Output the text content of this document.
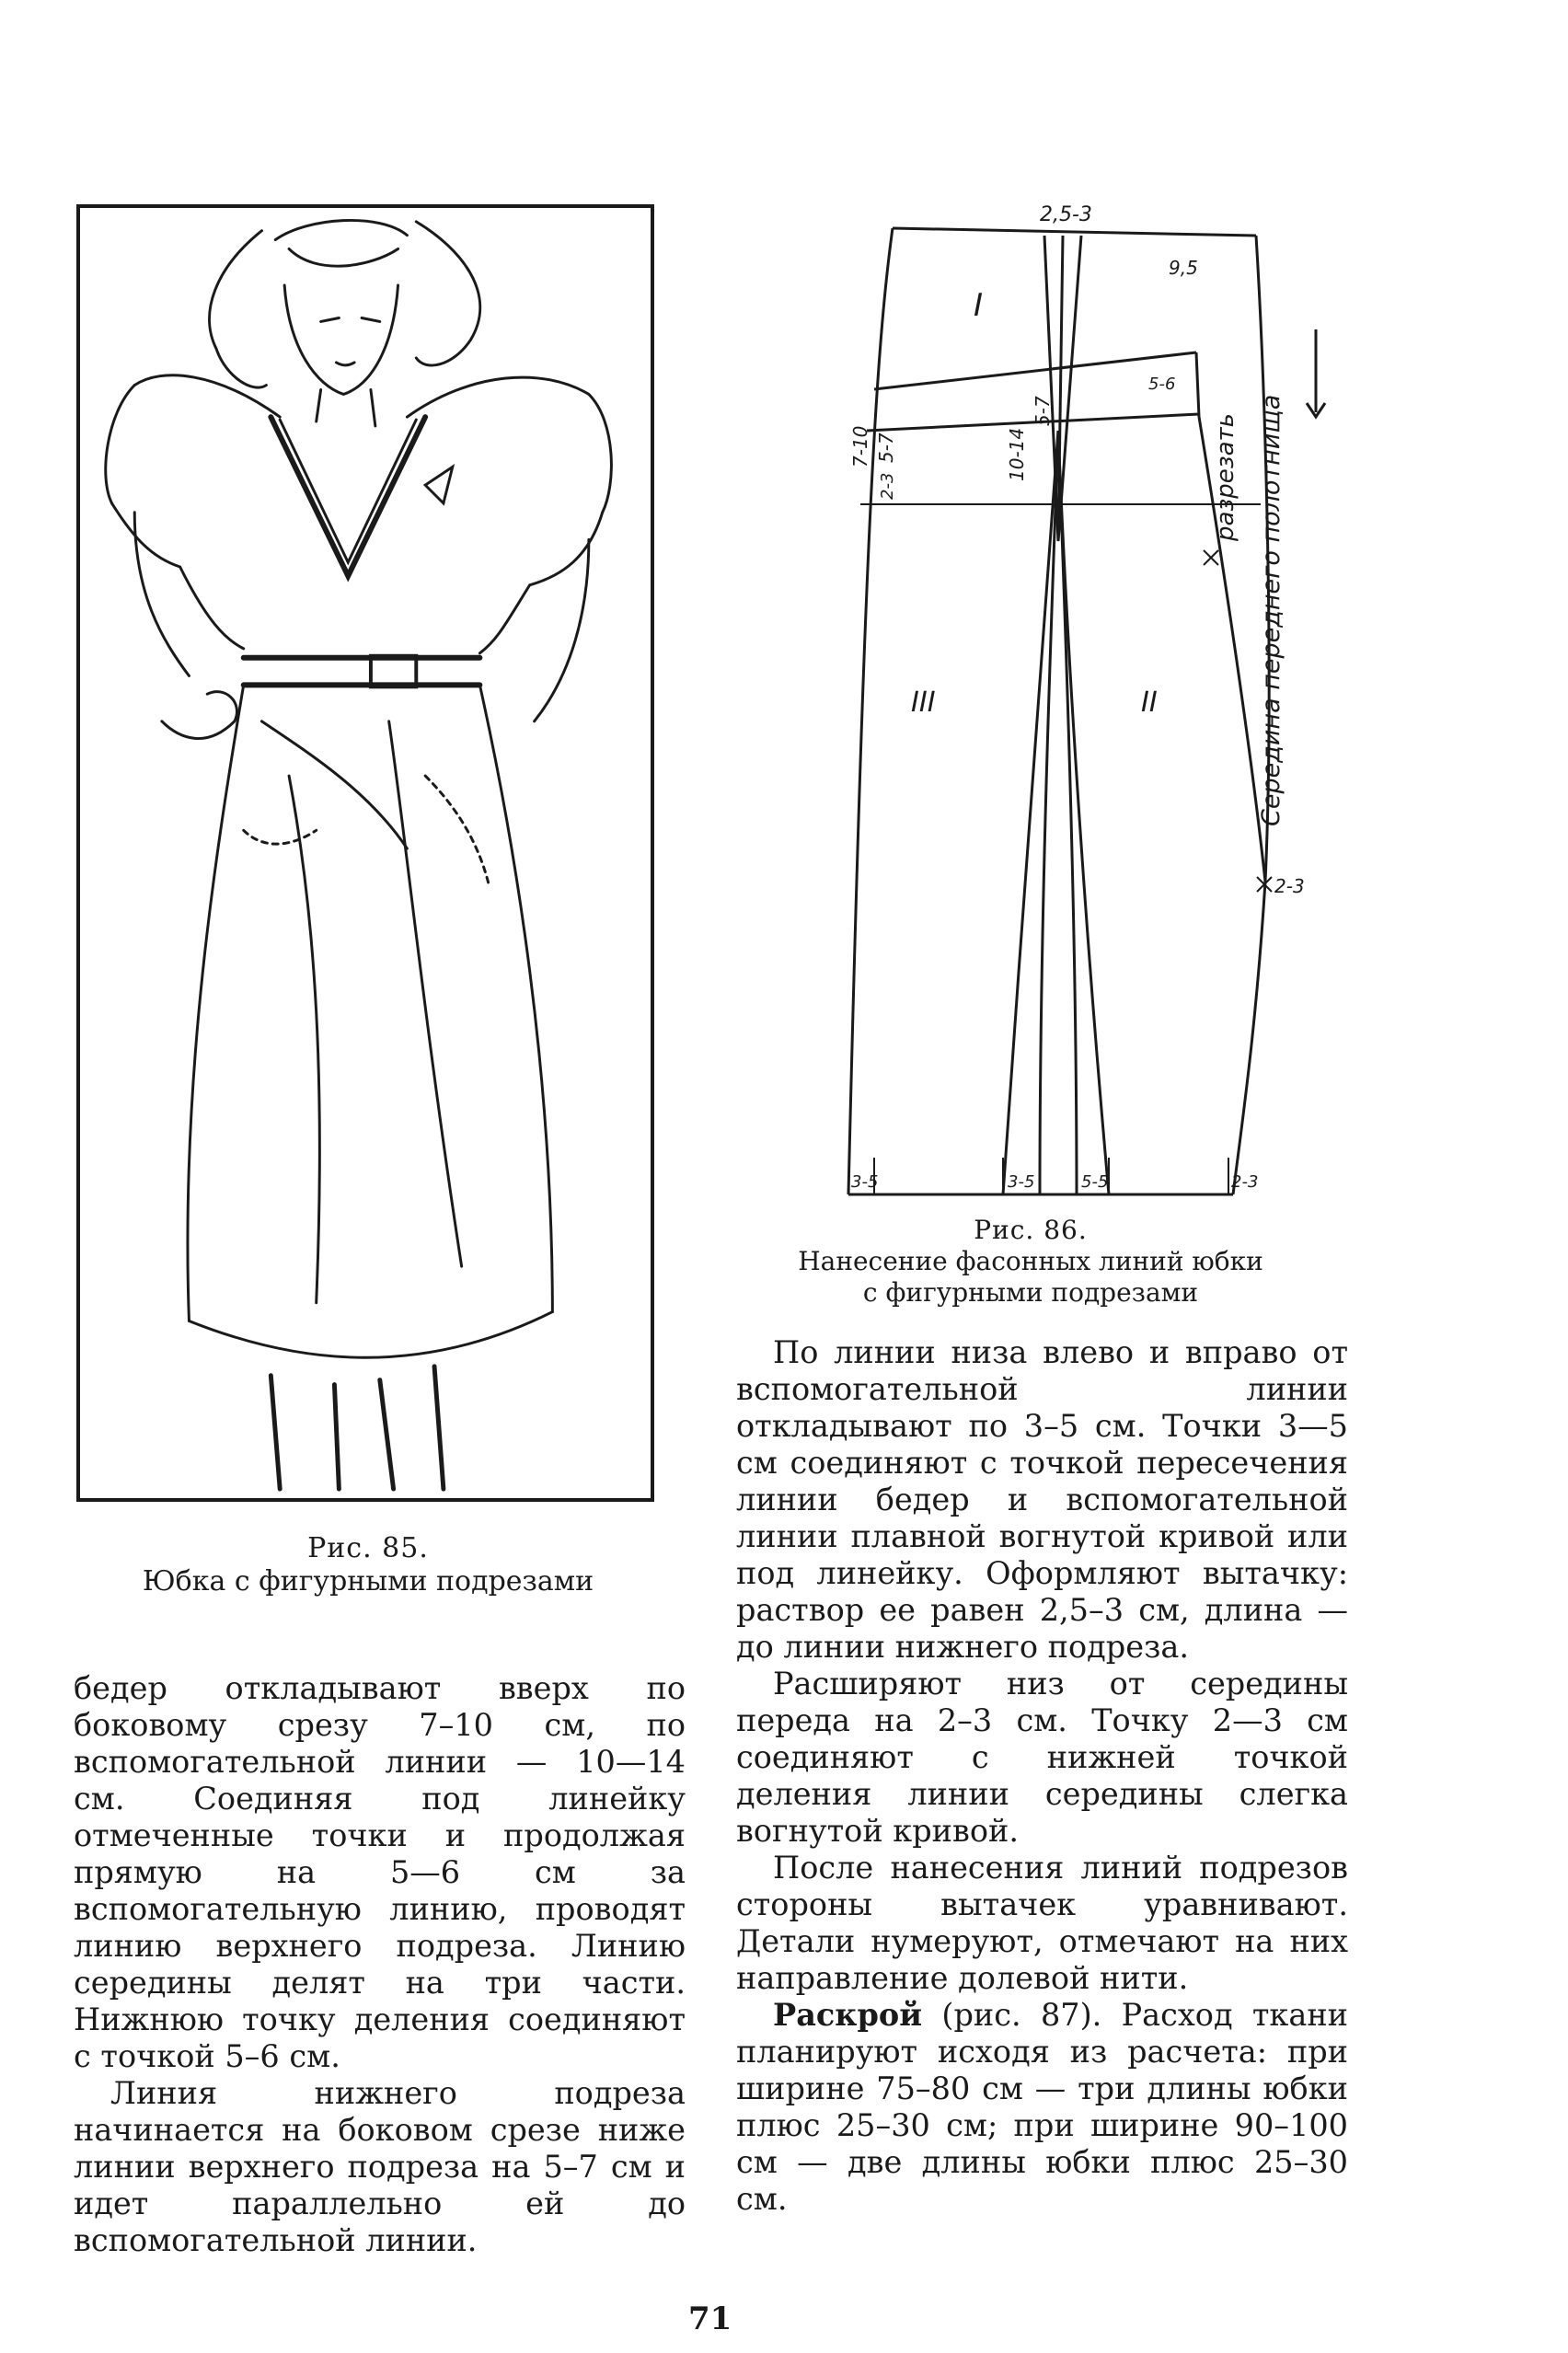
Рис. 85.
Юбка с фигурными подрезами
2,5-3
9,5
I
II
III
7-10 5-7
2-3
10-14
5-7
5-6
разрезать Середина переднего полотнища
2-3
3-5	3-5	5-5	2-3
Рис. 86.
Нанесение фасонных линий юбки
с фигурными подрезами

По линии низа влево и вправо от вспомогательной линии откладывают по 3–5 см. Точки 3—5 см соединяют с точкой пересечения линии бедер и вспомогательной линии плавной вогнутой кривой или под линейку. Оформляют вытачку: раствор ее равен 2,5–3 см, длина — до линии нижнего подреза.

Расширяют низ от середины переда на 2–3 см. Точку 2—3 см соединяют с нижней точкой деления линии середины слегка вогнутой кривой.

После нанесения линий подрезов стороны вытачек уравнивают. Детали нумеруют, отмечают на них направление долевой нити.

Раскрой (рис. 87). Расход ткани планируют исходя из расчета: при ширине 75–80 см — три длины юбки плюс 25–30 см; при ширине 90–100 см — две длины юбки плюс 25–30 см.

бедер откладывают вверх по боковому срезу 7–10 см, по вспомогательной линии — 10—14 см. Соединяя под линейку отмеченные точки и продолжая прямую на 5—6 см за вспомогательную линию, проводят линию верхнего подреза. Линию середины делят на три части. Нижнюю точку деления соединяют с точкой 5–6 см.

Линия нижнего подреза начинается на боковом срезе ниже линии верхнего подреза на 5–7 см и идет параллельно ей до вспомогательной линии.

71
